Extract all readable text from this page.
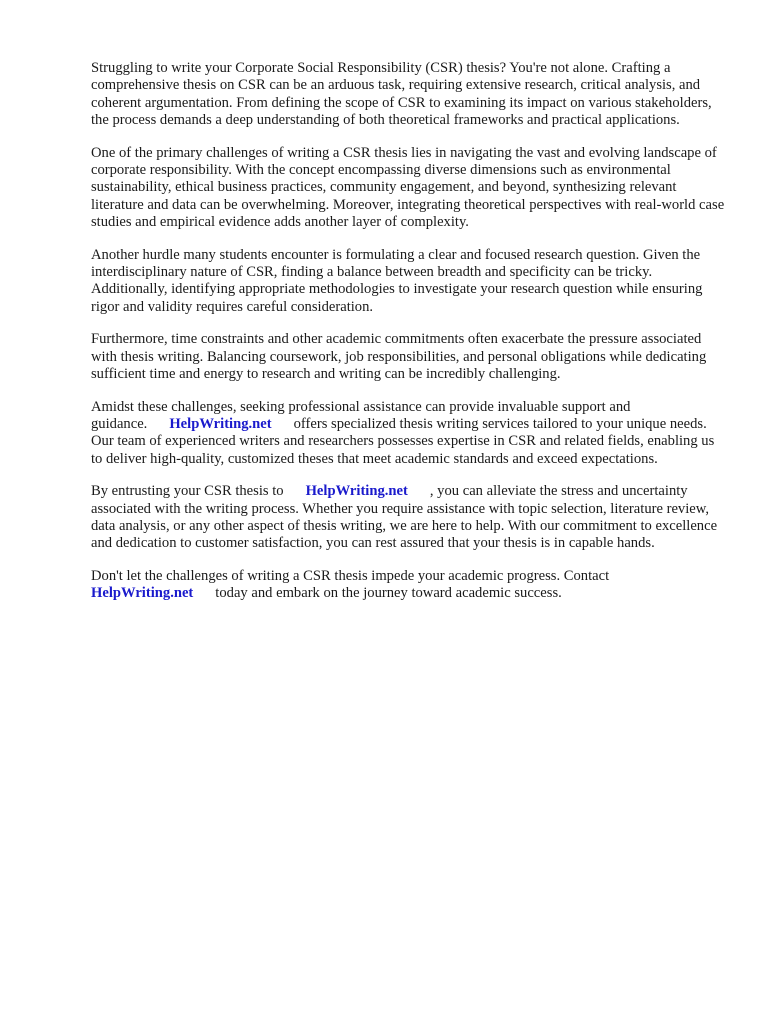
Struggling to write your Corporate Social Responsibility (CSR) thesis? You're not alone. Crafting a comprehensive thesis on CSR can be an arduous task, requiring extensive research, critical analysis, and coherent argumentation. From defining the scope of CSR to examining its impact on various stakeholders, the process demands a deep understanding of both theoretical frameworks and practical applications.

One of the primary challenges of writing a CSR thesis lies in navigating the vast and evolving landscape of corporate responsibility. With the concept encompassing diverse dimensions such as environmental sustainability, ethical business practices, community engagement, and beyond, synthesizing relevant literature and data can be overwhelming. Moreover, integrating theoretical perspectives with real-world case studies and empirical evidence adds another layer of complexity.

Another hurdle many students encounter is formulating a clear and focused research question. Given the interdisciplinary nature of CSR, finding a balance between breadth and specificity can be tricky. Additionally, identifying appropriate methodologies to investigate your research question while ensuring rigor and validity requires careful consideration.

Furthermore, time constraints and other academic commitments often exacerbate the pressure associated with thesis writing. Balancing coursework, job responsibilities, and personal obligations while dedicating sufficient time and energy to research and writing can be incredibly challenging.

Amidst these challenges, seeking professional assistance can provide invaluable support and guidance. HelpWriting.net offers specialized thesis writing services tailored to your unique needs. Our team of experienced writers and researchers possesses expertise in CSR and related fields, enabling us to deliver high-quality, customized theses that meet academic standards and exceed expectations.

By entrusting your CSR thesis to HelpWriting.net , you can alleviate the stress and uncertainty associated with the writing process. Whether you require assistance with topic selection, literature review, data analysis, or any other aspect of thesis writing, we are here to help. With our commitment to excellence and dedication to customer satisfaction, you can rest assured that your thesis is in capable hands.

Don't let the challenges of writing a CSR thesis impede your academic progress. Contact
HelpWriting.net today and embark on the journey toward academic success.
